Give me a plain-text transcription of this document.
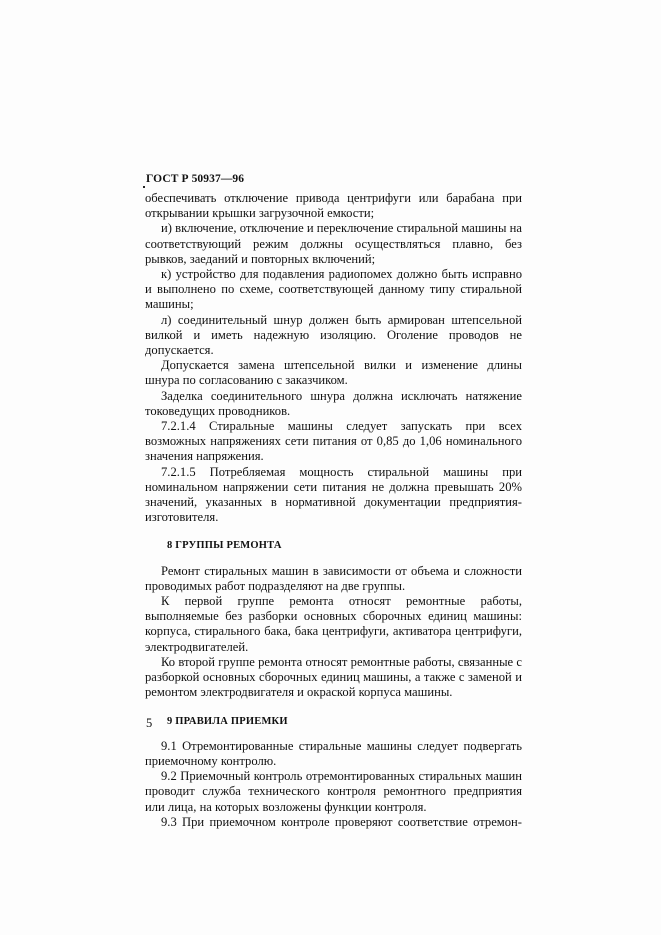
ГОСТ Р 50937—96

обеспечивать отключение привода центрифуги или барабана при открывании крышки загрузочной емкости;

и) включение, отключение и переключение стиральной машины на соответствующий режим должны осуществляться плавно, без рывков, заеданий и повторных включений;

к) устройство для подавления радиопомех должно быть исправно и выполнено по схеме, соответствующей данному типу стиральной машины;

л) соединительный шнур должен быть армирован штепсельной вилкой и иметь надежную изоляцию. Оголение проводов не допускается.

Допускается замена штепсельной вилки и изменение длины шнура по согласованию с заказчиком.

Заделка соединительного шнура должна исключать натяжение токоведущих проводников.

7.2.1.4 Стиральные машины следует запускать при всех возможных напряжениях сети питания от 0,85 до 1,06 номинального значения напряжения.

7.2.1.5 Потребляемая мощность стиральной машины при номинальном напряжении сети питания не должна превышать 20% значений, указанных в нормативной документации предприятия-изготовителя.

8 ГРУППЫ РЕМОНТА

Ремонт стиральных машин в зависимости от объема и сложности проводимых работ подразделяют на две группы.

К первой группе ремонта относят ремонтные работы, выполняемые без разборки основных сборочных единиц машины: корпуса, стирального бака, бака центрифуги, активатора центрифуги, электродвигателей.

Ко второй группе ремонта относят ремонтные работы, связанные с разборкой основных сборочных единиц машины, а также с заменой и ремонтом электродвигателя и окраской корпуса машины.

9 ПРАВИЛА ПРИЕМКИ

9.1 Отремонтированные стиральные машины следует подвергать приемочному контролю.

9.2 Приемочный контроль отремонтированных стиральных машин проводит служба технического контроля ремонтного предприятия или лица, на которых возложены функции контроля.

9.3 При приемочном контроле проверяют соответствие отремон-

5
